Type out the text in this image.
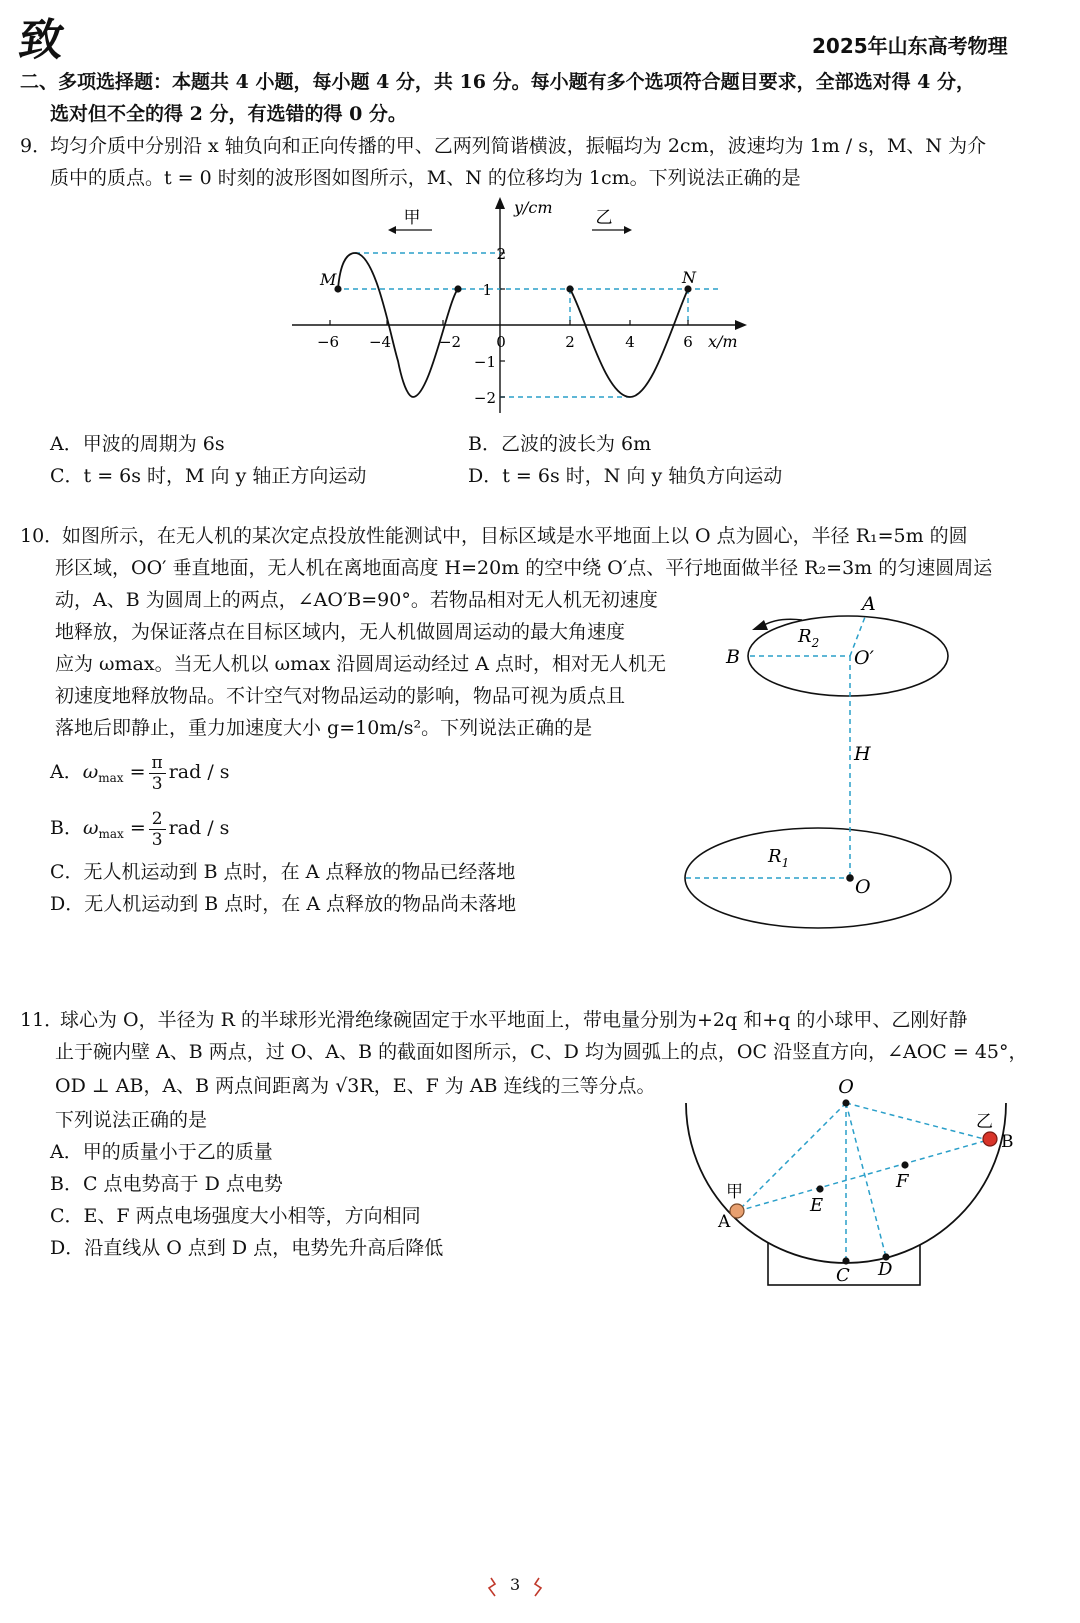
致	2025年山东高考物理
二、多项选择题：本题共 4 小题，每小题 4 分，共 16 分。每小题有多个选项符合题目要求，全部选对得 4 分，
选对但不全的得 2 分，有选错的得 0 分。
9．
均匀介质中分别沿 x 轴负向和正向传播的甲、乙两列简谐横波，振幅均为 2cm，波速均为 1m / s，M、N 为介
质中的质点。t = 0 时刻的波形图如图所示，M、N 的位移均为 1cm。下列说法正确的是
甲	乙
y/cm
x/m
M	N
−6 −4	−2 0	2	4	6
2
1
−1
−2
A．甲波的周期为 6s	B．乙波的波长为 6m
C．t = 6s 时，M 向 y 轴正方向运动	D．t = 6s 时，N 向 y 轴负方向运动
10．
如图所示，在无人机的某次定点投放性能测试中，目标区域是水平地面上以 O 点为圆心，半径 R₁=5m 的圆
形区域，OO′ 垂直地面，无人机在离地面高度 H=20m 的空中绕 O′点、平行地面做半径 R₂=3m 的匀速圆周运
动，A、B 为圆周上的两点，∠AO′B=90°。若物品相对无人机无初速度
地释放，为保证落点在目标区域内，无人机做圆周运动的最大角速度
应为 ωmax。当无人机以 ωmax 沿圆周运动经过 A 点时，相对无人机无
初速度地释放物品。不计空气对物品运动的影响，物品可视为质点且
落地后即静止，重力加速度大小 g=10m/s²。下列说法正确的是
A．$\omega_{max} = \frac{\pi}{3}$ rad / s
B．$\omega_{max} = \frac{2}{3}$ rad / s
C．无人机运动到 B 点时，在 A 点释放的物品已经落地
D．无人机运动到 B 点时，在 A 点释放的物品尚未落地
A
B	O′
O
H
$R_2$
$R_1$
11．
球心为 O，半径为 R 的半球形光滑绝缘碗固定于水平地面上，带电量分别为+2q 和+q 的小球甲、乙刚好静
止于碗内壁 A、B 两点，过 O、A、B 的截面如图所示，C、D 均为圆弧上的点，OC 沿竖直方向，∠AOC = 45°，
OD ⊥ AB，A、B 两点间距离为 √3R，E、F 为 AB 连线的三等分点。
下列说法正确的是
A．甲的质量小于乙的质量
B．C 点电势高于 D 点电势
C．E、F 两点电场强度大小相等，方向相同
D．沿直线从 O 点到 D 点，电势先升高后降低
O
A
B
C D
E
F
甲
乙
3
